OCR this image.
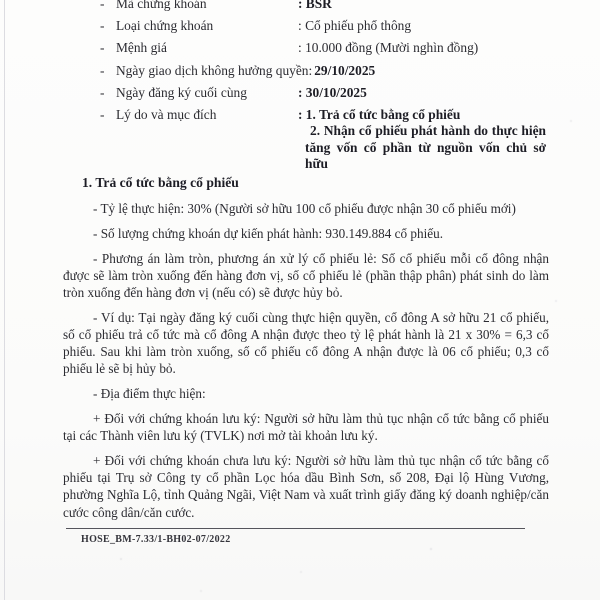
- Mã chứng khoán	: BSR
- Loại chứng khoán	: Cổ phiếu phổ thông
- Mệnh giá	: 10.000 đồng (Mười nghìn đồng)
- Ngày giao dịch không hưởng quyền: 29/10/2025
- Ngày đăng ký cuối cùng	: 30/10/2025
- Lý do và mục đích	: 1. Trả cổ tức bằng cổ phiếu

2. Nhận cổ phiếu phát hành do thực hiện tăng vốn cổ phần từ nguồn vốn chủ sở hữu

1. Trả cổ tức bằng cổ phiếu

- Tỷ lệ thực hiện: 30% (Người sở hữu 100 cổ phiếu được nhận 30 cổ phiếu mới)

- Số lượng chứng khoán dự kiến phát hành: 930.149.884 cổ phiếu.

- Phương án làm tròn, phương án xử lý cổ phiếu lẻ: Số cổ phiếu mỗi cổ đông nhận được sẽ làm tròn xuống đến hàng đơn vị, số cổ phiếu lẻ (phần thập phân) phát sinh do làm tròn xuống đến hàng đơn vị (nếu có) sẽ được hủy bỏ.

- Ví dụ: Tại ngày đăng ký cuối cùng thực hiện quyền, cổ đông A sở hữu 21 cổ phiếu, số cổ phiếu trả cổ tức mà cổ đông A nhận được theo tỷ lệ phát hành là 21 x 30% = 6,3 cổ phiếu. Sau khi làm tròn xuống, số cổ phiếu cổ đông A nhận được là 06 cổ phiếu; 0,3 cổ phiếu lẻ sẽ bị hủy bỏ.

- Địa điểm thực hiện:

+ Đối với chứng khoán lưu ký: Người sở hữu làm thủ tục nhận cổ tức bằng cổ phiếu tại các Thành viên lưu ký (TVLK) nơi mở tài khoản lưu ký.

+ Đối với chứng khoán chưa lưu ký: Người sở hữu làm thủ tục nhận cổ tức bằng cổ phiếu tại Trụ sở Công ty cổ phần Lọc hóa dầu Bình Sơn, số 208, Đại lộ Hùng Vương, phường Nghĩa Lộ, tỉnh Quảng Ngãi, Việt Nam và xuất trình giấy đăng ký doanh nghiệp/căn cước công dân/căn cước.

HOSE_BM-7.33/1-BH02-07/2022
